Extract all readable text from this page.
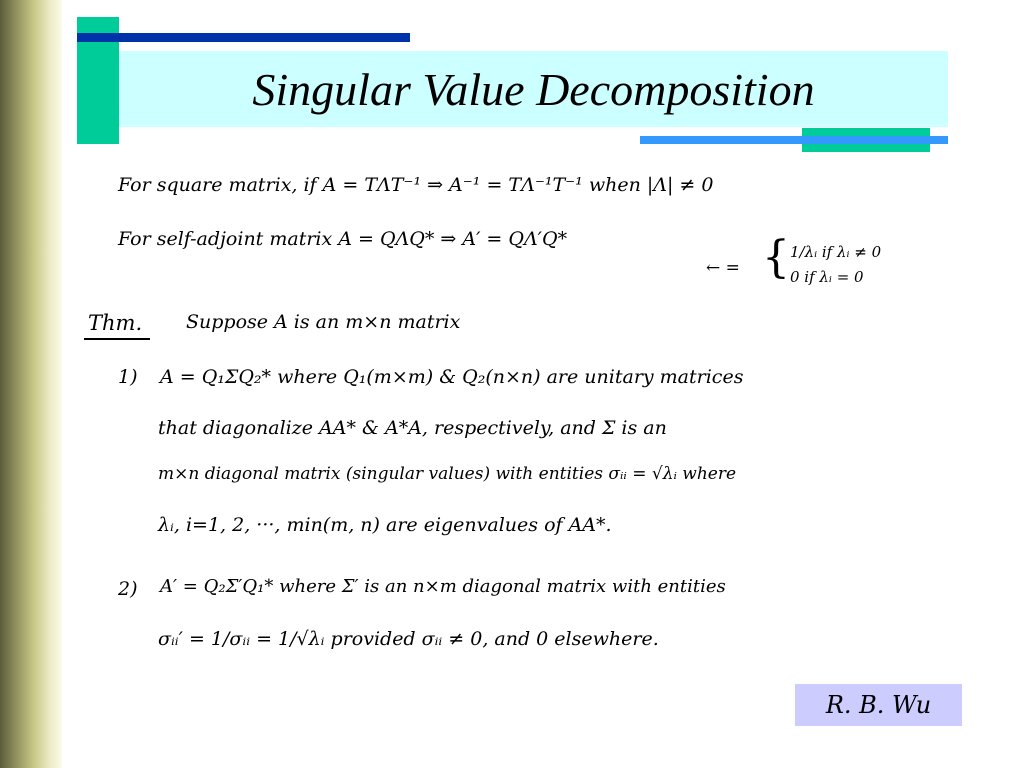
Singular Value Decomposition
For square matrix, if A = TΛT⁻¹ ⇒ A⁻¹ = TΛ⁻¹T⁻¹ when |Λ| ≠ 0
For self-adjoint matrix A = QΛQ* ⇒ A′ = QΛ′Q*
← = { 1/λᵢ if λᵢ ≠ 0
0 if λᵢ = 0
Thm. Suppose A is an m×n matrix
1) A = Q₁ΣQ₂* where Q₁(m×m) & Q₂(n×n) are unitary matrices
that diagonalize AA* & A*A, respectively, and Σ is an
m×n diagonal matrix (singular values) with entities σᵢᵢ = √λᵢ where
λᵢ, i=1, 2, ···, min(m, n) are eigenvalues of AA*.
2) A′ = Q₂Σ′Q₁* where Σ′ is an n×m diagonal matrix with entities
σᵢᵢ′ = 1/σᵢᵢ = 1/√λᵢ provided σᵢᵢ ≠ 0, and 0 elsewhere.
R. B. Wu
